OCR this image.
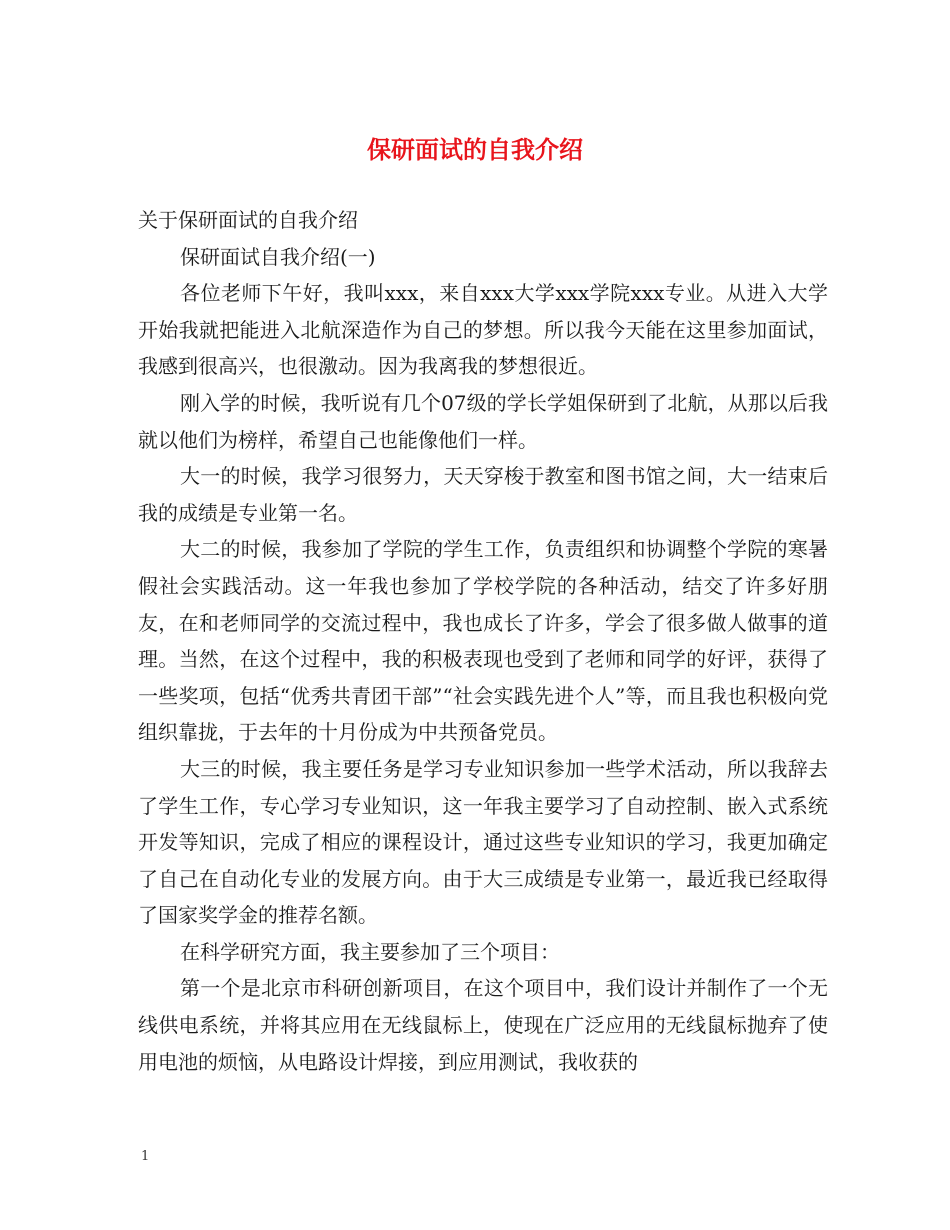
保研面试的自我介绍

关于保研面试的自我介绍

保研面试自我介绍(一)

各位老师下午好，我叫xxx，来自xxx大学xxx学院xxx专业。从进入大学开始我就把能进入北航深造作为自己的梦想。所以我今天能在这里参加面试，我感到很高兴，也很激动。因为我离我的梦想很近。

刚入学的时候，我听说有几个07级的学长学姐保研到了北航，从那以后我就以他们为榜样，希望自己也能像他们一样。

大一的时候，我学习很努力，天天穿梭于教室和图书馆之间，大一结束后我的成绩是专业第一名。

大二的时候，我参加了学院的学生工作，负责组织和协调整个学院的寒暑假社会实践活动。这一年我也参加了学校学院的各种活动，结交了许多好朋友，在和老师同学的交流过程中，我也成长了许多，学会了很多做人做事的道理。当然，在这个过程中，我的积极表现也受到了老师和同学的好评，获得了一些奖项，包括“优秀共青团干部”“社会实践先进个人”等，而且我也积极向党组织靠拢，于去年的十月份成为中共预备党员。

大三的时候，我主要任务是学习专业知识参加一些学术活动，所以我辞去了学生工作，专心学习专业知识，这一年我主要学习了自动控制、嵌入式系统开发等知识，完成了相应的课程设计，通过这些专业知识的学习，我更加确定了自己在自动化专业的发展方向。由于大三成绩是专业第一，最近我已经取得了国家奖学金的推荐名额。

在科学研究方面，我主要参加了三个项目：

第一个是北京市科研创新项目，在这个项目中，我们设计并制作了一个无线供电系统，并将其应用在无线鼠标上，使现在广泛应用的无线鼠标抛弃了使用电池的烦恼，从电路设计焊接，到应用测试，我收获的

1
